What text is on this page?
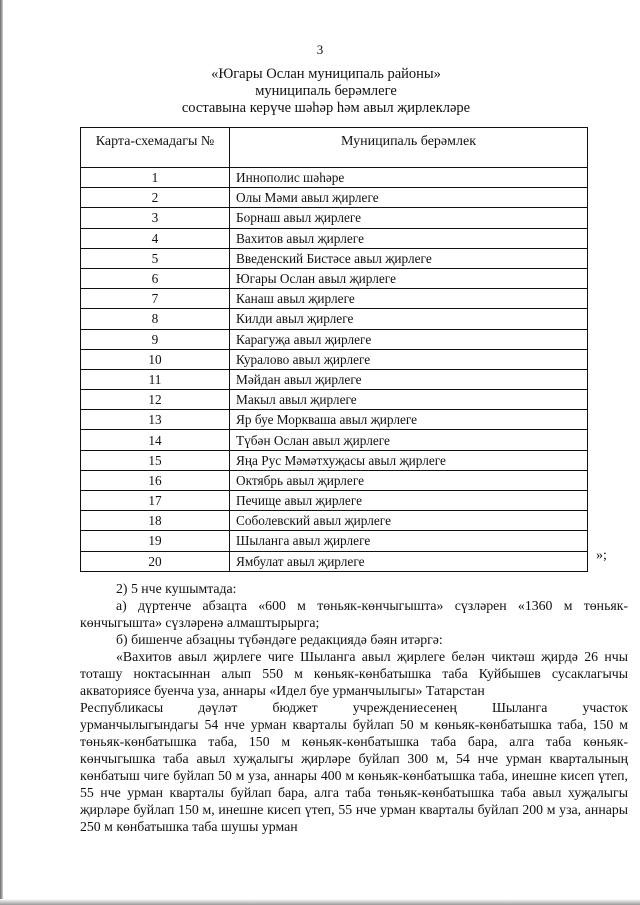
3
«Югары Ослан муниципаль районы»
муниципаль берәмлеге
составына керүче шәһәр һәм авыл җирлекләре
Карта-схемадагы №	Муниципаль берәмлек
1	Иннополис шәһәре
2	Олы Мәми авыл җирлеге
3	Борнаш авыл җирлеге
4	Вахитов авыл җирлеге
5	Введенский Бистәсе авыл җирлеге
6	Югары Ослан авыл җирлеге
7	Канаш авыл җирлеге
8	Килди авыл җирлеге
9	Карагуҗа авыл җирлеге
10	Куралово авыл җирлеге
11	Мәйдан авыл җирлеге
12	Макыл авыл җирлеге
13	Яр буе Моркваша авыл җирлеге
14	Түбән Ослан авыл җирлеге
15	Яңа Рус Мәмәтхуҗасы авыл җирлеге
16	Октябрь авыл җирлеге
17	Печище авыл җирлеге
18	Соболевский авыл җирлеге
19	Шыланга авыл җирлеге
20	Ямбулат авыл җирлеге	»;

2) 5 нче кушымтада:

а) дүртенче абзацта «600 м төньяк-көнчыгышта» сүзләрен «1360 м төньяк-көнчыгышта» сүзләренә алмаштырырга;

б) бишенче абзацны түбәндәге редакциядә бәян итәргә:

«Вахитов авыл җирлеге чиге Шыланга авыл җирлеге белән чиктәш җирдә 26 нчы тоташу ноктасыннан алып 550 м көньяк-көнбатышка таба Куйбышев сусаклагычы акваториясе буенча уза, аннары «Идел буе урманчылыгы» Татарстан

Республикасы дәүләт бюджет учреждениесенең Шыланга участок

урманчылыгындагы 54 нче урман кварталы буйлап 50 м көньяк-көнбатышка таба, 150 м төньяк-көнбатышка таба, 150 м көньяк-көнбатышка таба бара, алга таба көньяк-көнчыгышка таба авыл хуҗалыгы җирләре буйлап 300 м, 54 нче урман кварталының көнбатыш чиге буйлап 50 м уза, аннары 400 м көньяк-көнбатышка таба, инешне кисеп үтеп, 55 нче урман кварталы буйлап бара, алга таба төньяк-көнбатышка таба авыл хуҗалыгы җирләре буйлап 150 м, инешне кисеп үтеп, 55 нче урман кварталы буйлап 200 м уза, аннары 250 м көнбатышка таба шушы урман
